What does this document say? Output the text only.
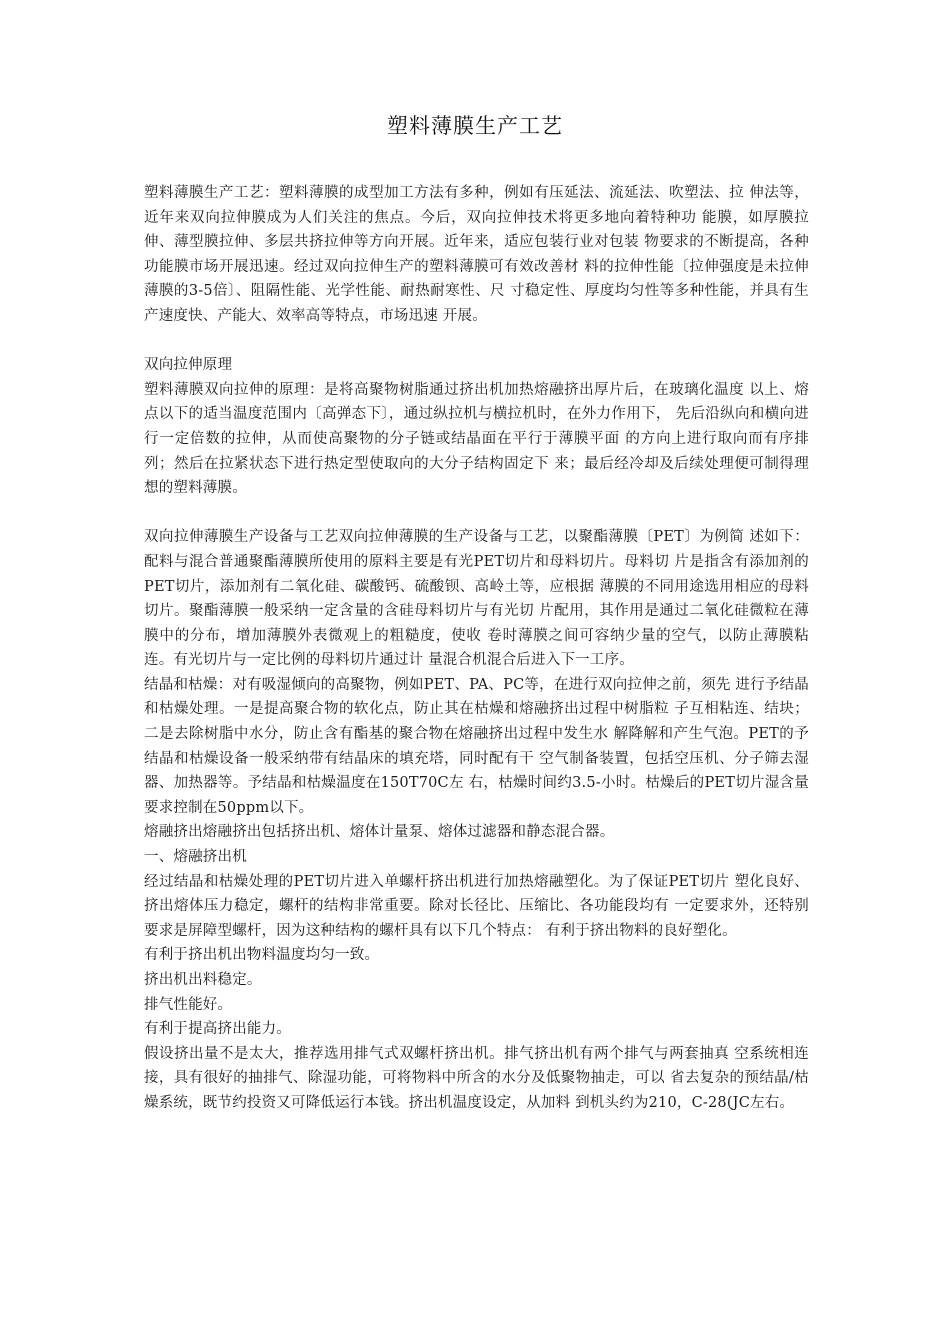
塑料薄膜生产工艺

塑料薄膜生产工艺：塑料薄膜的成型加工方法有多种，例如有压延法、流延法、吹塑法、拉 伸法等，近年来双向拉伸膜成为人们关注的焦点。今后，双向拉伸技术将更多地向着特种功 能膜，如厚膜拉伸、薄型膜拉伸、多层共挤拉伸等方向开展。近年来，适应包装行业对包装 物要求的不断提高，各种功能膜市场开展迅速。经过双向拉伸生产的塑料薄膜可有效改善材 料的拉伸性能〔拉伸强度是未拉伸薄膜的3-5倍〕、阻隔性能、光学性能、耐热耐寒性、尺 寸稳定性、厚度均匀性等多种性能，并具有生产速度快、产能大、效率高等特点，市场迅速 开展。

双向拉伸原理

塑料薄膜双向拉伸的原理：是将高聚物树脂通过挤出机加热熔融挤出厚片后，在玻璃化温度 以上、熔点以下的适当温度范围内〔高弹态下〕，通过纵拉机与横拉机时，在外力作用下， 先后沿纵向和横向进行一定倍数的拉伸，从而使高聚物的分子链或结晶面在平行于薄膜平面 的方向上进行取向而有序排列；然后在拉紧状态下进行热定型使取向的大分子结构固定下 来；最后经冷却及后续处理便可制得理想的塑料薄膜。

双向拉伸薄膜生产设备与工艺双向拉伸薄膜的生产设备与工艺，以聚酯薄膜〔PET〕为例简 述如下：配料与混合普通聚酯薄膜所使用的原料主要是有光PET切片和母料切片。母料切 片是指含有添加剂的PET切片，添加剂有二氧化硅、碳酸钙、硫酸钡、高岭土等，应根据 薄膜的不同用途选用相应的母料切片。聚酯薄膜一般采纳一定含量的含硅母料切片与有光切 片配用，其作用是通过二氧化硅微粒在薄膜中的分布，增加薄膜外表微观上的粗糙度，使收 卷时薄膜之间可容纳少量的空气，以防止薄膜粘连。有光切片与一定比例的母料切片通过计 量混合机混合后进入下一工序。

结晶和枯燥：对有吸湿倾向的高聚物，例如PET、PA、PC等，在进行双向拉伸之前，须先 进行予结晶和枯燥处理。一是提高聚合物的软化点，防止其在枯燥和熔融挤出过程中树脂粒 子互相粘连、结块；二是去除树脂中水分，防止含有酯基的聚合物在熔融挤出过程中发生水 解降解和产生气泡。PET的予结晶和枯燥设备一般采纳带有结晶床的填充塔，同时配有干 空气制备装置，包括空压机、分子筛去湿器、加热器等。予结晶和枯燥温度在150T70C左 右，枯燥时间约3.5-小时。枯燥后的PET切片湿含量要求控制在50ppm以下。

熔融挤出熔融挤出包括挤出机、熔体计量泵、熔体过滤器和静态混合器。

一、熔融挤出机

经过结晶和枯燥处理的PET切片进入单螺杆挤出机进行加热熔融塑化。为了保证PET切片 塑化良好、挤出熔体压力稳定，螺杆的结构非常重要。除对长径比、压缩比、各功能段均有 一定要求外，还特别要求是屏障型螺杆，因为这种结构的螺杆具有以下几个特点： 有利于挤出物料的良好塑化。

有利于挤出机出物料温度均匀一致。

挤出机出料稳定。

排气性能好。

有利于提高挤出能力。

假设挤出量不是太大，推荐选用排气式双螺杆挤出机。排气挤出机有两个排气与两套抽真 空系统相连接，具有很好的抽排气、除湿功能，可将物料中所含的水分及低聚物抽走，可以 省去复杂的预结晶/枯燥系统，既节约投资又可降低运行本钱。挤出机温度设定，从加料 到机头约为210，C-28(JC左右。
